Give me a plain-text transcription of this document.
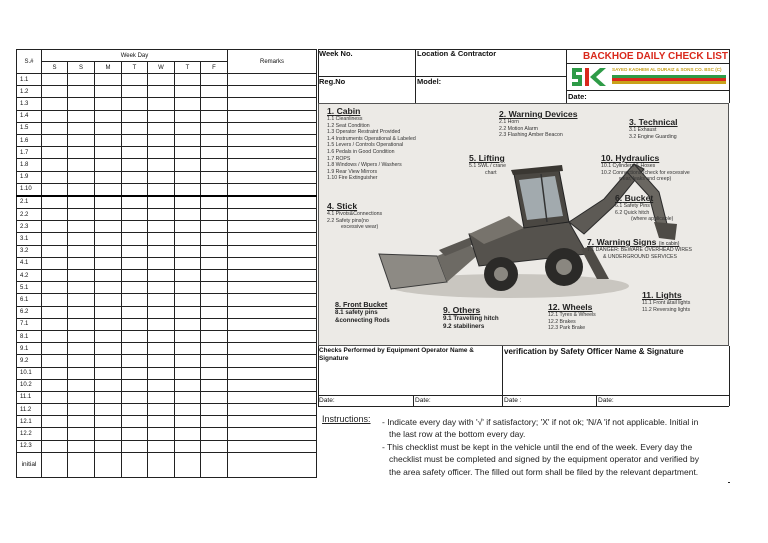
S.#	Week Day							Remarks
	S	S	M	T	W	T	F	
1.1								
1.2								
1.3								
1.4								
1.5								
1.6								
1.7								
1.8								
1.9								
1.10								
2.1								
2.2								
2.3								
3.1								
3.2								
4.1								
4.2								
5.1								
6.1								
6.2								
7.1								
8.1								
9.1								
9.2								
10.1								
10.2								
11.1								
11.2								
12.1								
12.2								
12.3								
initial								
Week No.	Location & Contractor
Reg.No	Model:
BACKHOE DAILY CHECK LIST
SAYED KADHEM AL DURAIZ & SONS CO. BSC (C)
Date:
1. Cabin
1.1 Cleanliness
1.2 Seat Condition
1.3 Operator Restraint Provided
1.4 Instruments Operational & Labeled
1.5 Levers / Controls Operational
1.6 Pedals in Good Condition
1.7 ROPS
1.8 Windows / Wipers / Washers
1.9 Rear View Mirrors
1.10 Fire Extinguisher
2. Warning Devices
2.1 Horn
2.2 Motion Alarm
2.3 Flashing Amber Beacon
3. Technical
3.1 Exhaust
3.2 Engine Guarding
5. Lifting
5.1 SWL / crane
chart
10. Hydraulics
10.1 Cylinders & Hoses
10.2 Connections (check for excessive
wear, leaks and creep)
4. Stick
4.1 Pivots&Connections
2.2 Safety pins(no
excessive wear)
6. Bucket
6.1 Safety Pins
6.2 Quick hitch
(where applicable)
7. Warning Signs (in cabin)
7.1 DANGER: BEWARE OVERHEAD WIRES
& UNDERGROUND SERVICES
11. Lights
11.1 Front &tail lights
11.2 Reversing lights
8. Front Bucket
8.1 safety pins
&connecting Rods
9. Others
9.1 Travelling hitch
9.2 stabiliners
12. Wheels
12.1 Tyres & Wheels
12.2 Brakes
12.3 Park Brake
Checks Performed by Equipment Operator Name & Signature
verification by Safety Officer Name & Signature
Date:	Date:	Date :	Date:
Instructions: - Indicate every day with '√' if satisfactory; 'X' if not ok; 'N/A 'if not applicable. Initial in
the last row at the bottom every day.
- This checklist must be kept in the vehicle until the end of the week. Every day the
checklist must be completed and signed by the equipment operator and verified by
the area safety officer. The filled out form shall be filed by the relevant department.
